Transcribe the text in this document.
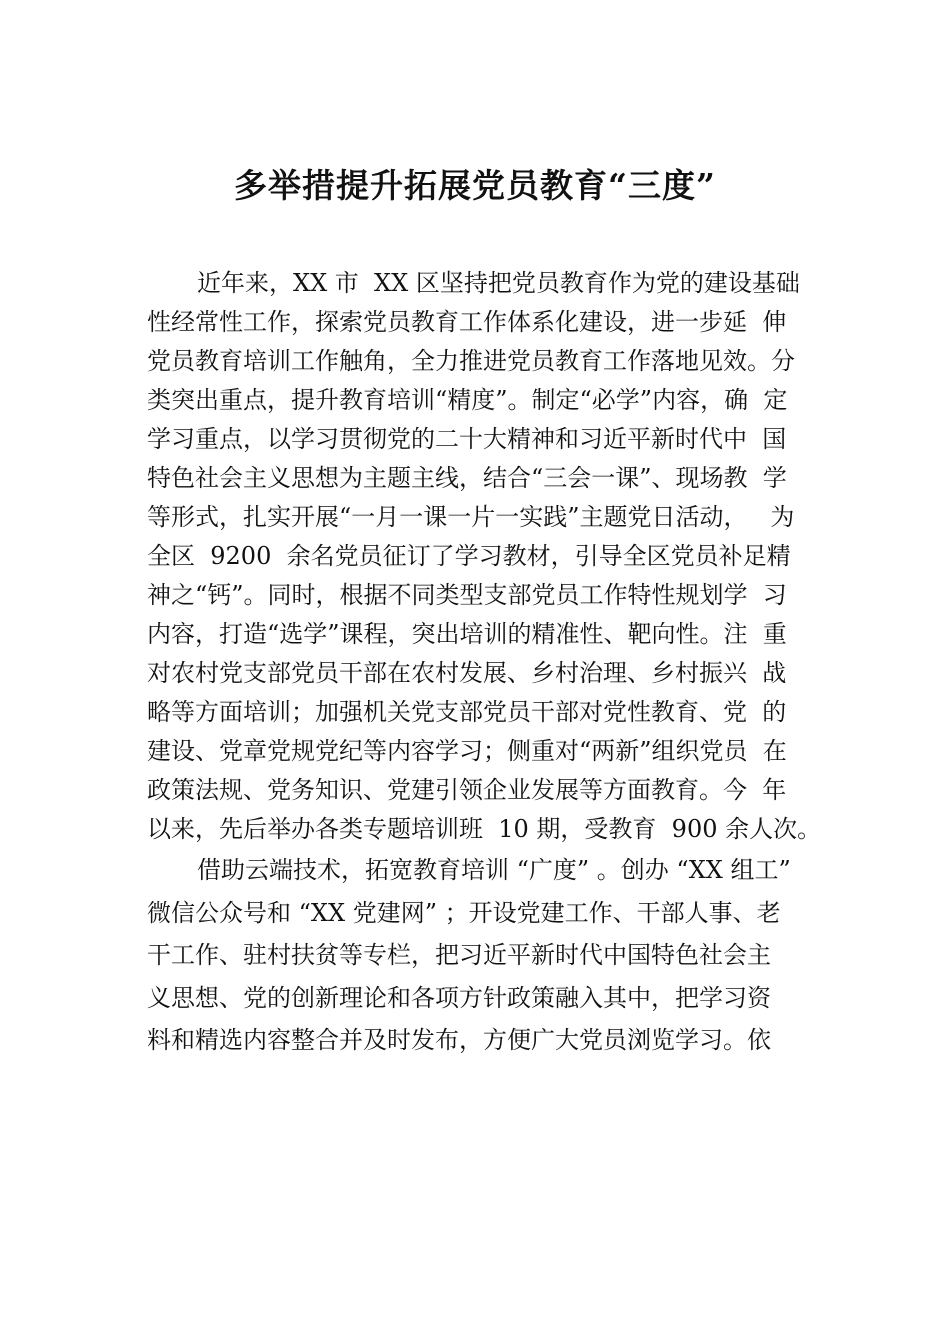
多举措提升拓展党员教育“三度”
近年来，XX 市  XX 区坚持把党员教育作为党的建设基础
性经常性工作，探索党员教育工作体系化建设，进一步延  伸
党员教育培训工作触角，全力推进党员教育工作落地见效。分
类突出重点，提升教育培训“精度”。制定“必学”内容，确  定
学习重点，以学习贯彻党的二十大精神和习近平新时代中  国
特色社会主义思想为主题主线，结合“三会一课”、现场教  学
等形式，扎实开展“一月一课一片一实践”主题党日活动，   为
全区  9200  余名党员征订了学习教材，引导全区党员补足精
神之“钙”。同时，根据不同类型支部党员工作特性规划学  习
内容，打造“选学”课程，突出培训的精准性、靶向性。注  重
对农村党支部党员干部在农村发展、乡村治理、乡村振兴  战
略等方面培训；加强机关党支部党员干部对党性教育、党  的
建设、党章党规党纪等内容学习；侧重对“两新”组织党员  在
政策法规、党务知识、党建引领企业发展等方面教育。今  年
以来，先后举办各类专题培训班  10 期，受教育  900 余人次。
借助云端技术，拓宽教育培训 “广度” 。创办 “XX 组工”
微信公众号和 “XX 党建网” ；开设党建工作、干部人事、老
干工作、驻村扶贫等专栏，把习近平新时代中国特色社会主
义思想、党的创新理论和各项方针政策融入其中，把学习资
料和精选内容整合并及时发布，方便广大党员浏览学习。依
